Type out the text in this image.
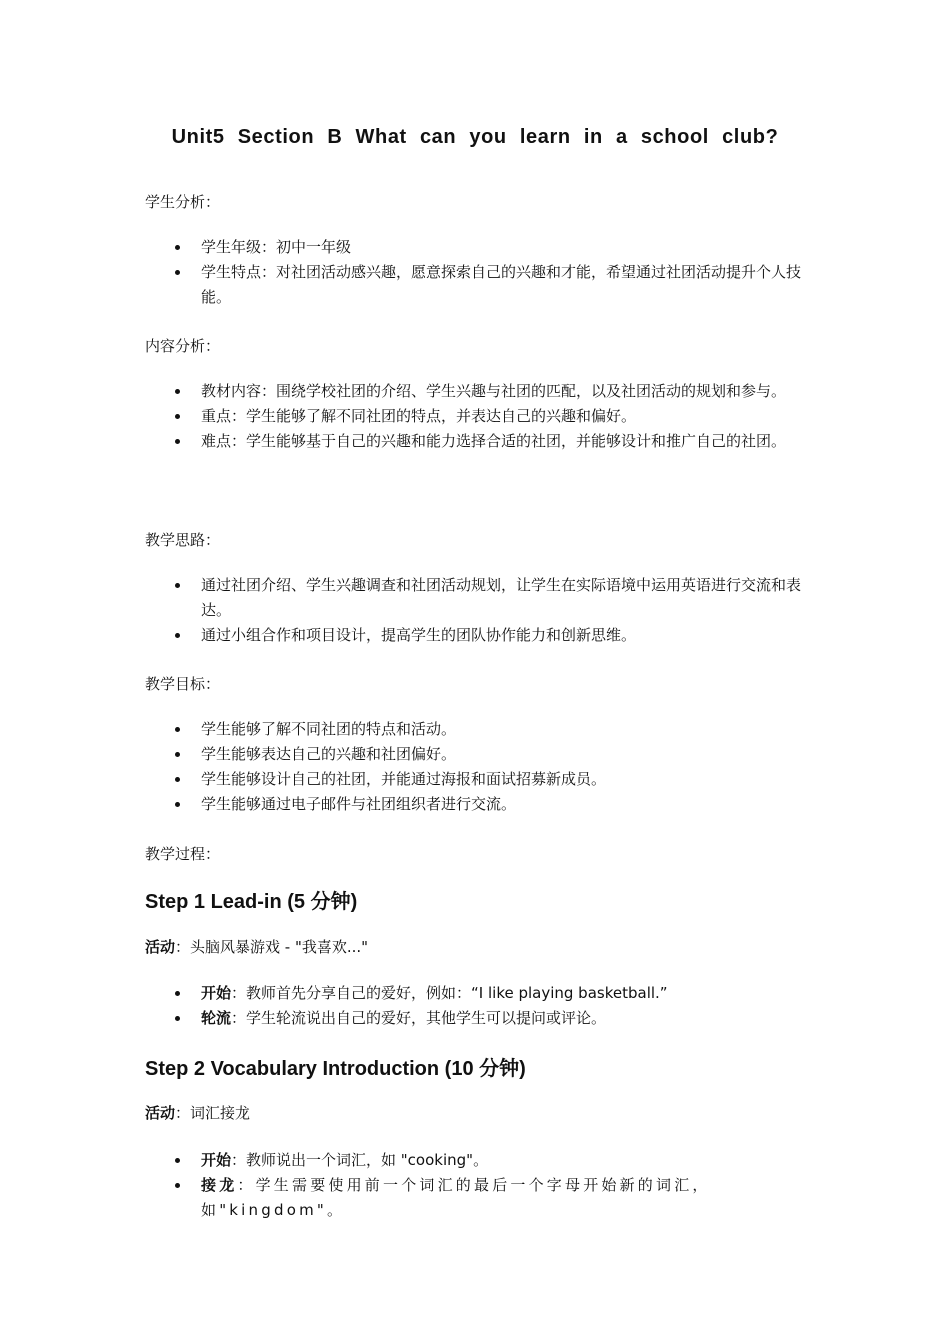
Unit5 Section B What can you learn in a school club?

学生分析：

学生年级：初中一年级
学生特点：对社团活动感兴趣，愿意探索自己的兴趣和才能，希望通过社团活动提升个人技能。

内容分析：

教材内容：围绕学校社团的介绍、学生兴趣与社团的匹配，以及社团活动的规划和参与。
重点：学生能够了解不同社团的特点，并表达自己的兴趣和偏好。
难点：学生能够基于自己的兴趣和能力选择合适的社团，并能够设计和推广自己的社团。

教学思路：

通过社团介绍、学生兴趣调查和社团活动规划，让学生在实际语境中运用英语进行交流和表达。
通过小组合作和项目设计，提高学生的团队协作能力和创新思维。

教学目标：

学生能够了解不同社团的特点和活动。
学生能够表达自己的兴趣和社团偏好。
学生能够设计自己的社团，并能通过海报和面试招募新成员。
学生能够通过电子邮件与社团组织者进行交流。

教学过程：

Step 1 Lead-in (5 分钟)

活动：头脑风暴游戏 - "我喜欢..."

开始：教师首先分享自己的爱好，例如：“I like playing basketball.”
轮流：学生轮流说出自己的爱好，其他学生可以提问或评论。
Step 2 Vocabulary Introduction (10 分钟)

活动：词汇接龙

开始：教师说出一个词汇，如 "cooking"。
接龙：学生需要使用前一个词汇的最后一个字母开始新的词汇，如"kingdom"。
